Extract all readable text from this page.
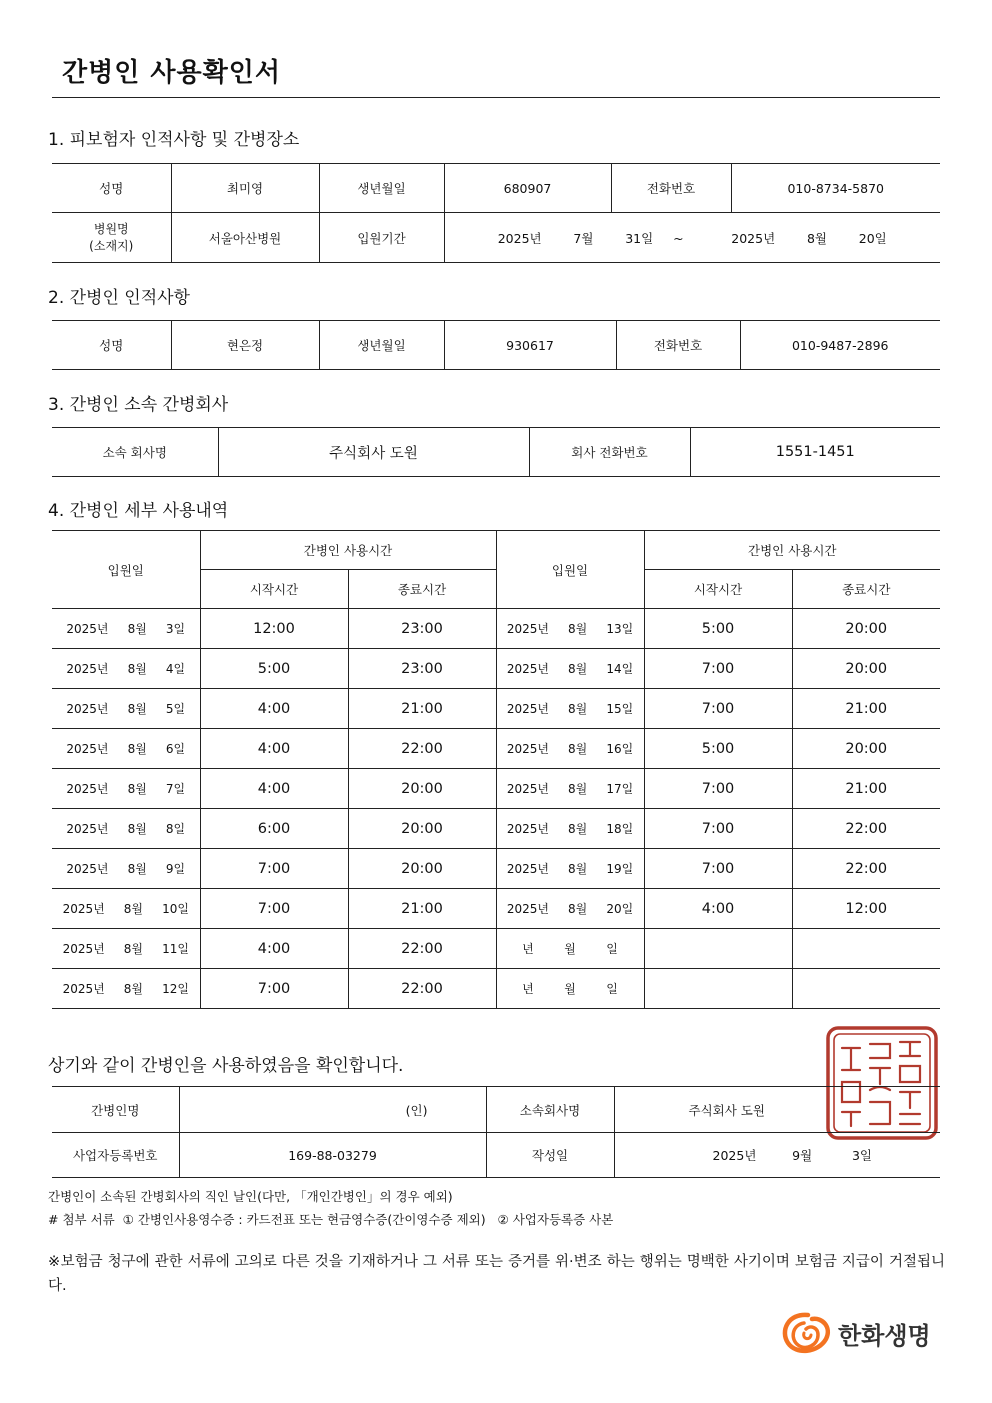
간병인 사용확인서
1. 피보험자 인적사항 및 간병장소
성명	최미영	생년월일	680907	전화번호	010-8734-5870

병원명
(소재지)	서울아산병원	입원기간	2025년        7월        31일 ~ 2025년        8월        20일		
2. 간병인 인적사항
성명	현은정	생년월일	930617	전화번호	010-9487-2896
3. 간병인 소속 간병회사
소속 회사명	주식회사 도원	회사 전화번호	1551-1451
4. 간병인 세부 사용내역
입원일	간병인 사용시간		입원일	간병인 사용시간	
	시작시간	종료시간		시작시간	종료시간
2025년     8월     3일	12:00	23:00	2025년     8월     13일	5:00	20:00
2025년     8월     4일	5:00	23:00	2025년     8월     14일	7:00	20:00
2025년     8월     5일	4:00	21:00	2025년     8월     15일	7:00	21:00
2025년     8월     6일	4:00	22:00	2025년     8월     16일	5:00	20:00
2025년     8월     7일	4:00	20:00	2025년     8월     17일	7:00	21:00
2025년     8월     8일	6:00	20:00	2025년     8월     18일	7:00	22:00
2025년     8월     9일	7:00	20:00	2025년     8월     19일	7:00	22:00
2025년     8월     10일	7:00	21:00	2025년     8월     20일	4:00	12:00
2025년     8월     11일	4:00	22:00	년        월        일		
2025년     8월     12일	7:00	22:00	년        월        일		
상기와 같이 간병인을 사용하였음을 확인합니다.
간병인명	(인)	소속회사명	주식회사 도원
사업자등록번호	169-88-03279	작성일	2025년         9월          3일
간병인이 소속된 간병회사의 직인 날인(다만, 「개인간병인」의 경우 예외)
# 첨부 서류  ① 간병인사용영수증 : 카드전표 또는 현금영수증(간이영수증 제외)   ② 사업자등록증 사본
※보험금 청구에 관한 서류에 고의로 다른 것을 기재하거나 그 서류 또는 증거를 위·변조 하는 행위는 명백한 사기이며 보험금 지급이 거절됩니다.
한화생명
